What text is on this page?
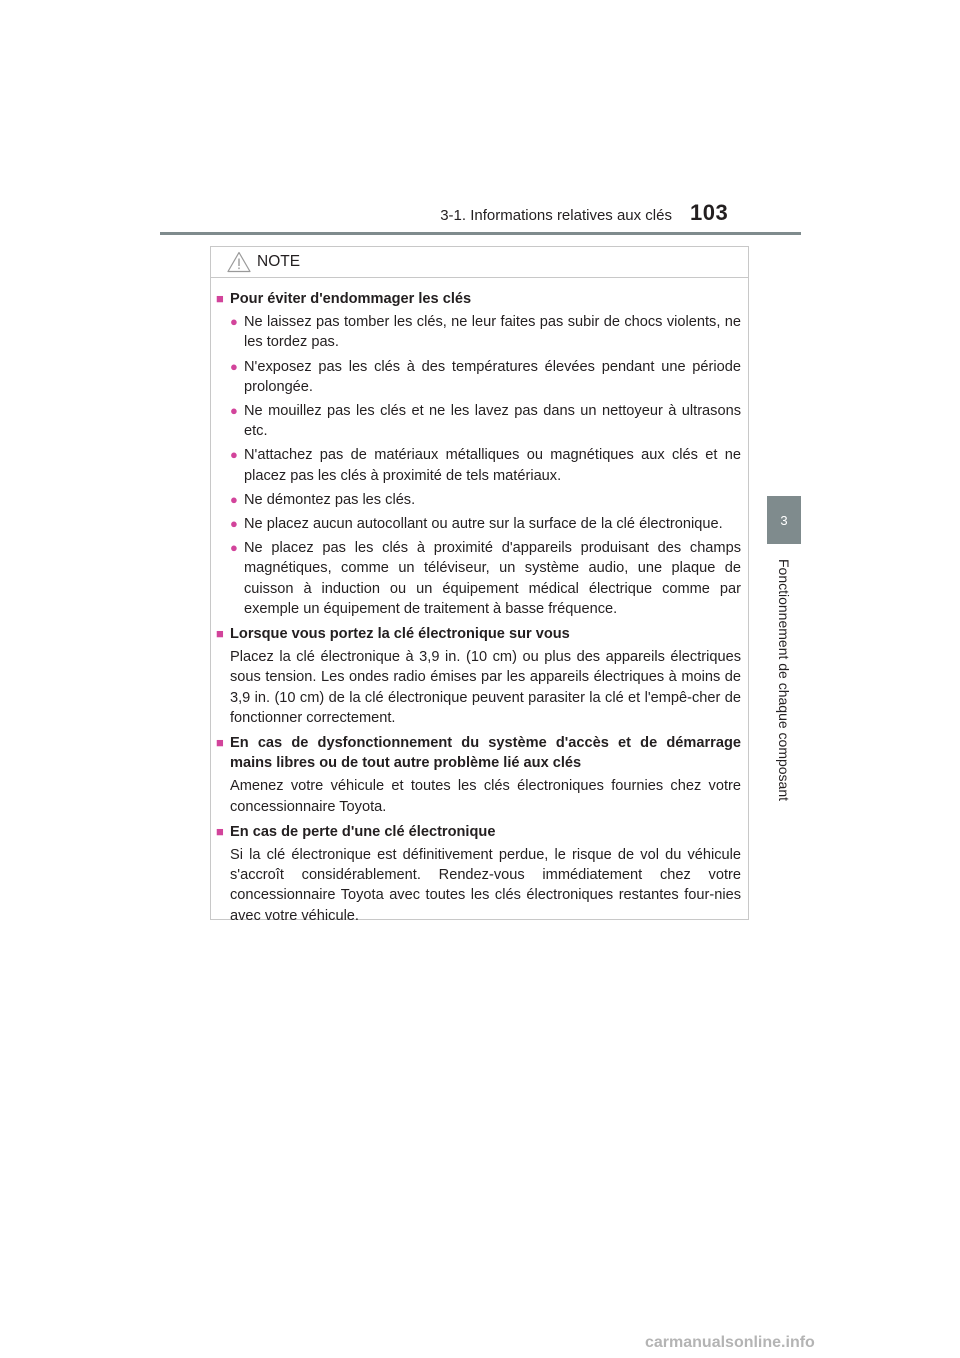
3-1. Informations relatives aux clés 103
3
Fonctionnement de chaque composant
NOTE
■ Pour éviter d'endommager les clés
● Ne laissez pas tomber les clés, ne leur faites pas subir de chocs violents, ne les tordez pas.
● N'exposez pas les clés à des températures élevées pendant une période prolongée.
● Ne mouillez pas les clés et ne les lavez pas dans un nettoyeur à ultrasons etc.
● N'attachez pas de matériaux métalliques ou magnétiques aux clés et ne placez pas les clés à proximité de tels matériaux.
● Ne démontez pas les clés.
● Ne placez aucun autocollant ou autre sur la surface de la clé électronique.
● Ne placez pas les clés à proximité d'appareils produisant des champs magnétiques, comme un téléviseur, un système audio, une plaque de cuisson à induction ou un équipement médical électrique comme par exemple un équipement de traitement à basse fréquence.
■ Lorsque vous portez la clé électronique sur vous
Placez la clé électronique à 3,9 in. (10 cm) ou plus des appareils électriques sous tension. Les ondes radio émises par les appareils électriques à moins de 3,9 in. (10 cm) de la clé électronique peuvent parasiter la clé et l'empê-cher de fonctionner correctement.
■ En cas de dysfonctionnement du système d'accès et de démarrage mains libres ou de tout autre problème lié aux clés
Amenez votre véhicule et toutes les clés électroniques fournies chez votre concessionnaire Toyota.
■ En cas de perte d'une clé électronique
Si la clé électronique est définitivement perdue, le risque de vol du véhicule s'accroît considérablement. Rendez-vous immédiatement chez votre concessionnaire Toyota avec toutes les clés électroniques restantes four-nies avec votre véhicule.
carmanualsonline.info
